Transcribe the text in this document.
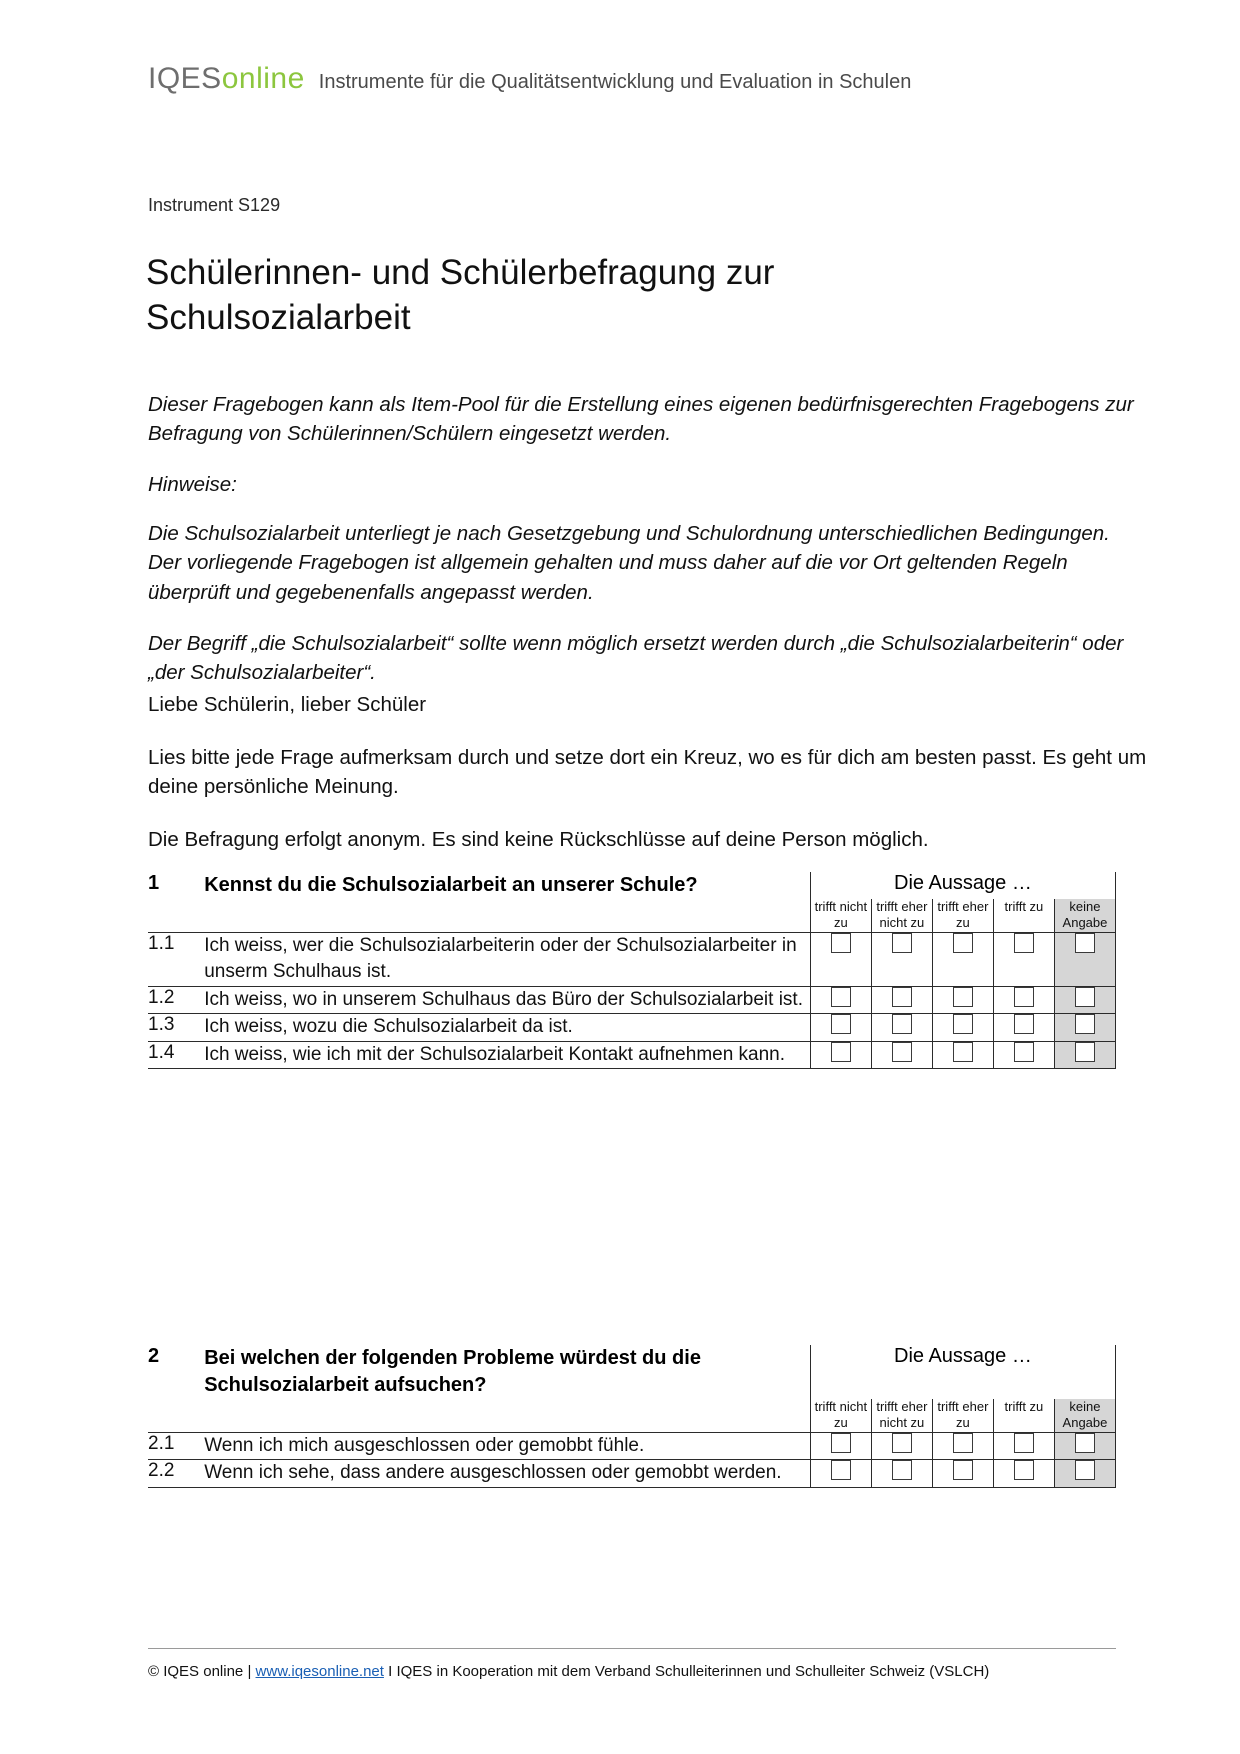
IQESonline Instrumente für die Qualitätsentwicklung und Evaluation in Schulen
Instrument S129
Schülerinnen- und Schülerbefragung zur Schulsozialarbeit

Dieser Fragebogen kann als Item-Pool für die Erstellung eines eigenen bedürfnisgerechten Fragebogens zur Befragung von Schülerinnen/Schülern eingesetzt werden.

Hinweise:

Die Schulsozialarbeit unterliegt je nach Gesetzgebung und Schulordnung unterschiedlichen Bedingungen. Der vorliegende Fragebogen ist allgemein gehalten und muss daher auf die vor Ort geltenden Regeln überprüft und gegebenenfalls angepasst werden.

Der Begriff „die Schulsozialarbeit“ sollte wenn möglich ersetzt werden durch „die Schulsozialarbeiterin“ oder „der Schulsozialarbeiter“.

Liebe Schülerin, lieber Schüler

Lies bitte jede Frage aufmerksam durch und setze dort ein Kreuz, wo es für dich am besten passt. Es geht um deine persönliche Meinung.

Die Befragung erfolgt anonym. Es sind keine Rückschlüsse auf deine Person möglich.

1	Kennst du die Schulsozialarbeit an unserer Schule?	Die Aussage …				
		trifft nicht zu	trifft eher nicht zu	trifft eher zu	trifft zu	keine Angabe
1.1	Ich weiss, wer die Schulsozialarbeiterin oder der Schulsozialarbeiter in unserm Schulhaus ist.					
1.2	Ich weiss, wo in unserem Schulhaus das Büro der Schulsozialarbeit ist.					
1.3	Ich weiss, wozu die Schulsozialarbeit da ist.					
1.4	Ich weiss, wie ich mit der Schulsozialarbeit Kontakt aufnehmen kann.					

2	Bei welchen der folgenden Probleme würdest du die Schulsozialarbeit aufsuchen?	Die Aussage …				
		trifft nicht zu	trifft eher nicht zu	trifft eher zu	trifft zu	keine Angabe
2.1	Wenn ich mich ausgeschlossen oder gemobbt fühle.					
2.2	Wenn ich sehe, dass andere ausgeschlossen oder gemobbt werden.					

© IQES online | www.iqesonline.net I IQES in Kooperation mit dem Verband Schulleiterinnen und Schulleiter Schweiz (VSLCH)
